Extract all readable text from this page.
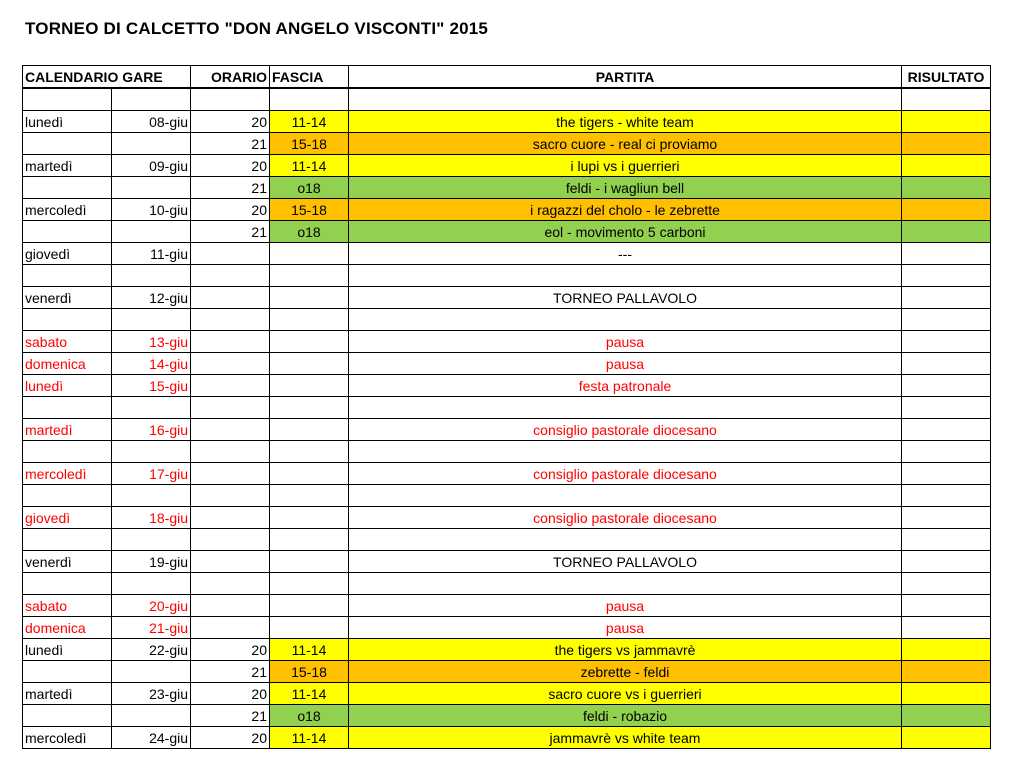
TORNEO DI CALCETTO "DON ANGELO VISCONTI" 2015
CALENDARIO GARE		ORARIO	FASCIA	PARTITA	RISULTATO

lunedì	08-giu	20	11-14	the tigers - white team	
		21	15-18	sacro cuore - real ci proviamo	
martedì	09-giu	20	11-14	i lupi vs i guerrieri	
		21	o18	feldi - i wagliun bell	
mercoledì	10-giu	20	15-18	i ragazzi del cholo - le zebrette	
		21	o18	eol - movimento 5 carboni	
giovedì	11-giu			---	

venerdì	12-giu			TORNEO PALLAVOLO	

sabato	13-giu			pausa	
domenica	14-giu			pausa	
lunedì	15-giu			festa patronale	

martedì	16-giu			consiglio pastorale diocesano	

mercoledì	17-giu			consiglio pastorale diocesano	

giovedì	18-giu			consiglio pastorale diocesano	

venerdì	19-giu			TORNEO PALLAVOLO	

sabato	20-giu			pausa	
domenica	21-giu			pausa	
lunedì	22-giu	20	11-14	the tigers vs jammavrè	
		21	15-18	zebrette - feldi	
martedì	23-giu	20	11-14	sacro cuore vs i guerrieri	
		21	o18	feldi - robazio	
mercoledì	24-giu	20	11-14	jammavrè vs white team	
